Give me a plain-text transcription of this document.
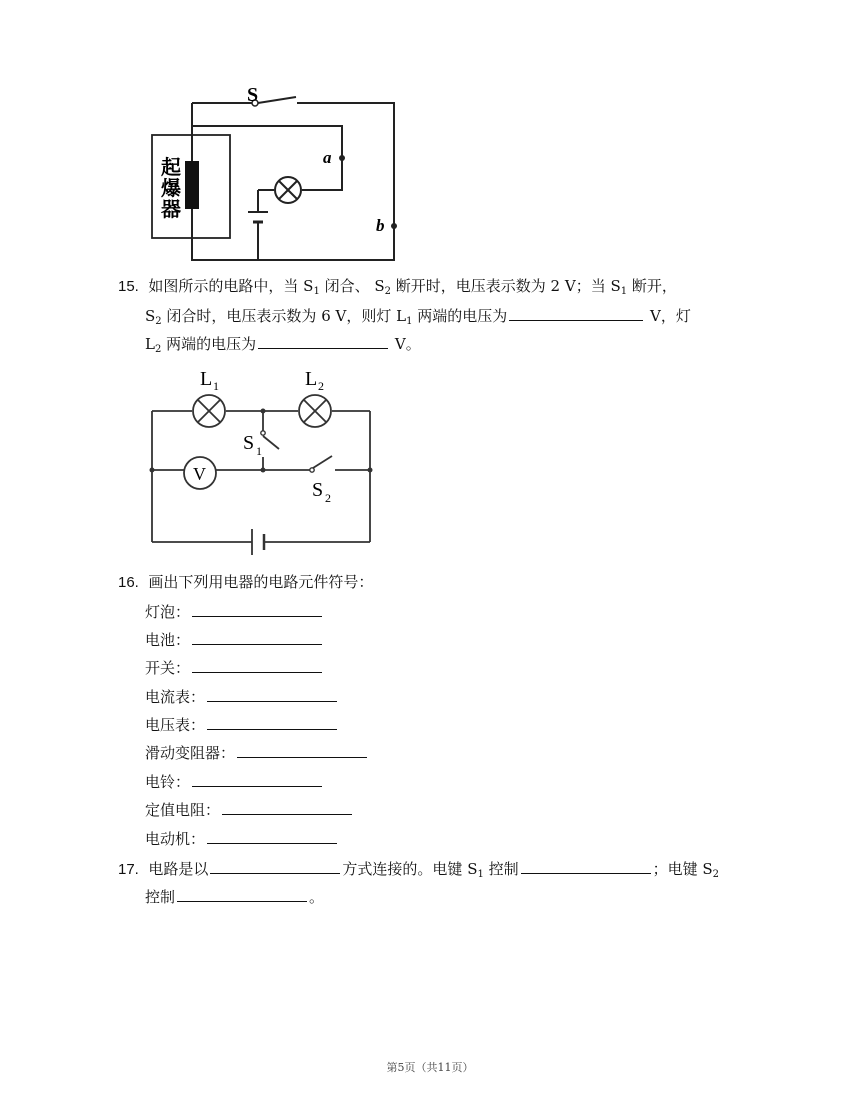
S
起
爆
器
a
b
15. 如图所示的电路中，当 $S_1$ 闭合、 $S_2$ 断开时，电压表示数为 2 V；当 $S_1$ 断开，
$S_2$ 闭合时，电压表示数为 6 V，则灯 $L_1$ 两端的电压为	V，灯
$L_2$ 两端的电压为	V。
V
L 1	L 2
S 1
S 2
16. 画出下列用电器的电路元件符号：
灯泡：
电池：
开关：
电流表：
电压表：
滑动变阻器：
电铃：
定值电阻：
电动机：
17. 电路是以	方式连接的。电键 $S_1$ 控制	；电键 $S_2$
控制	。
第5页（共11页）
